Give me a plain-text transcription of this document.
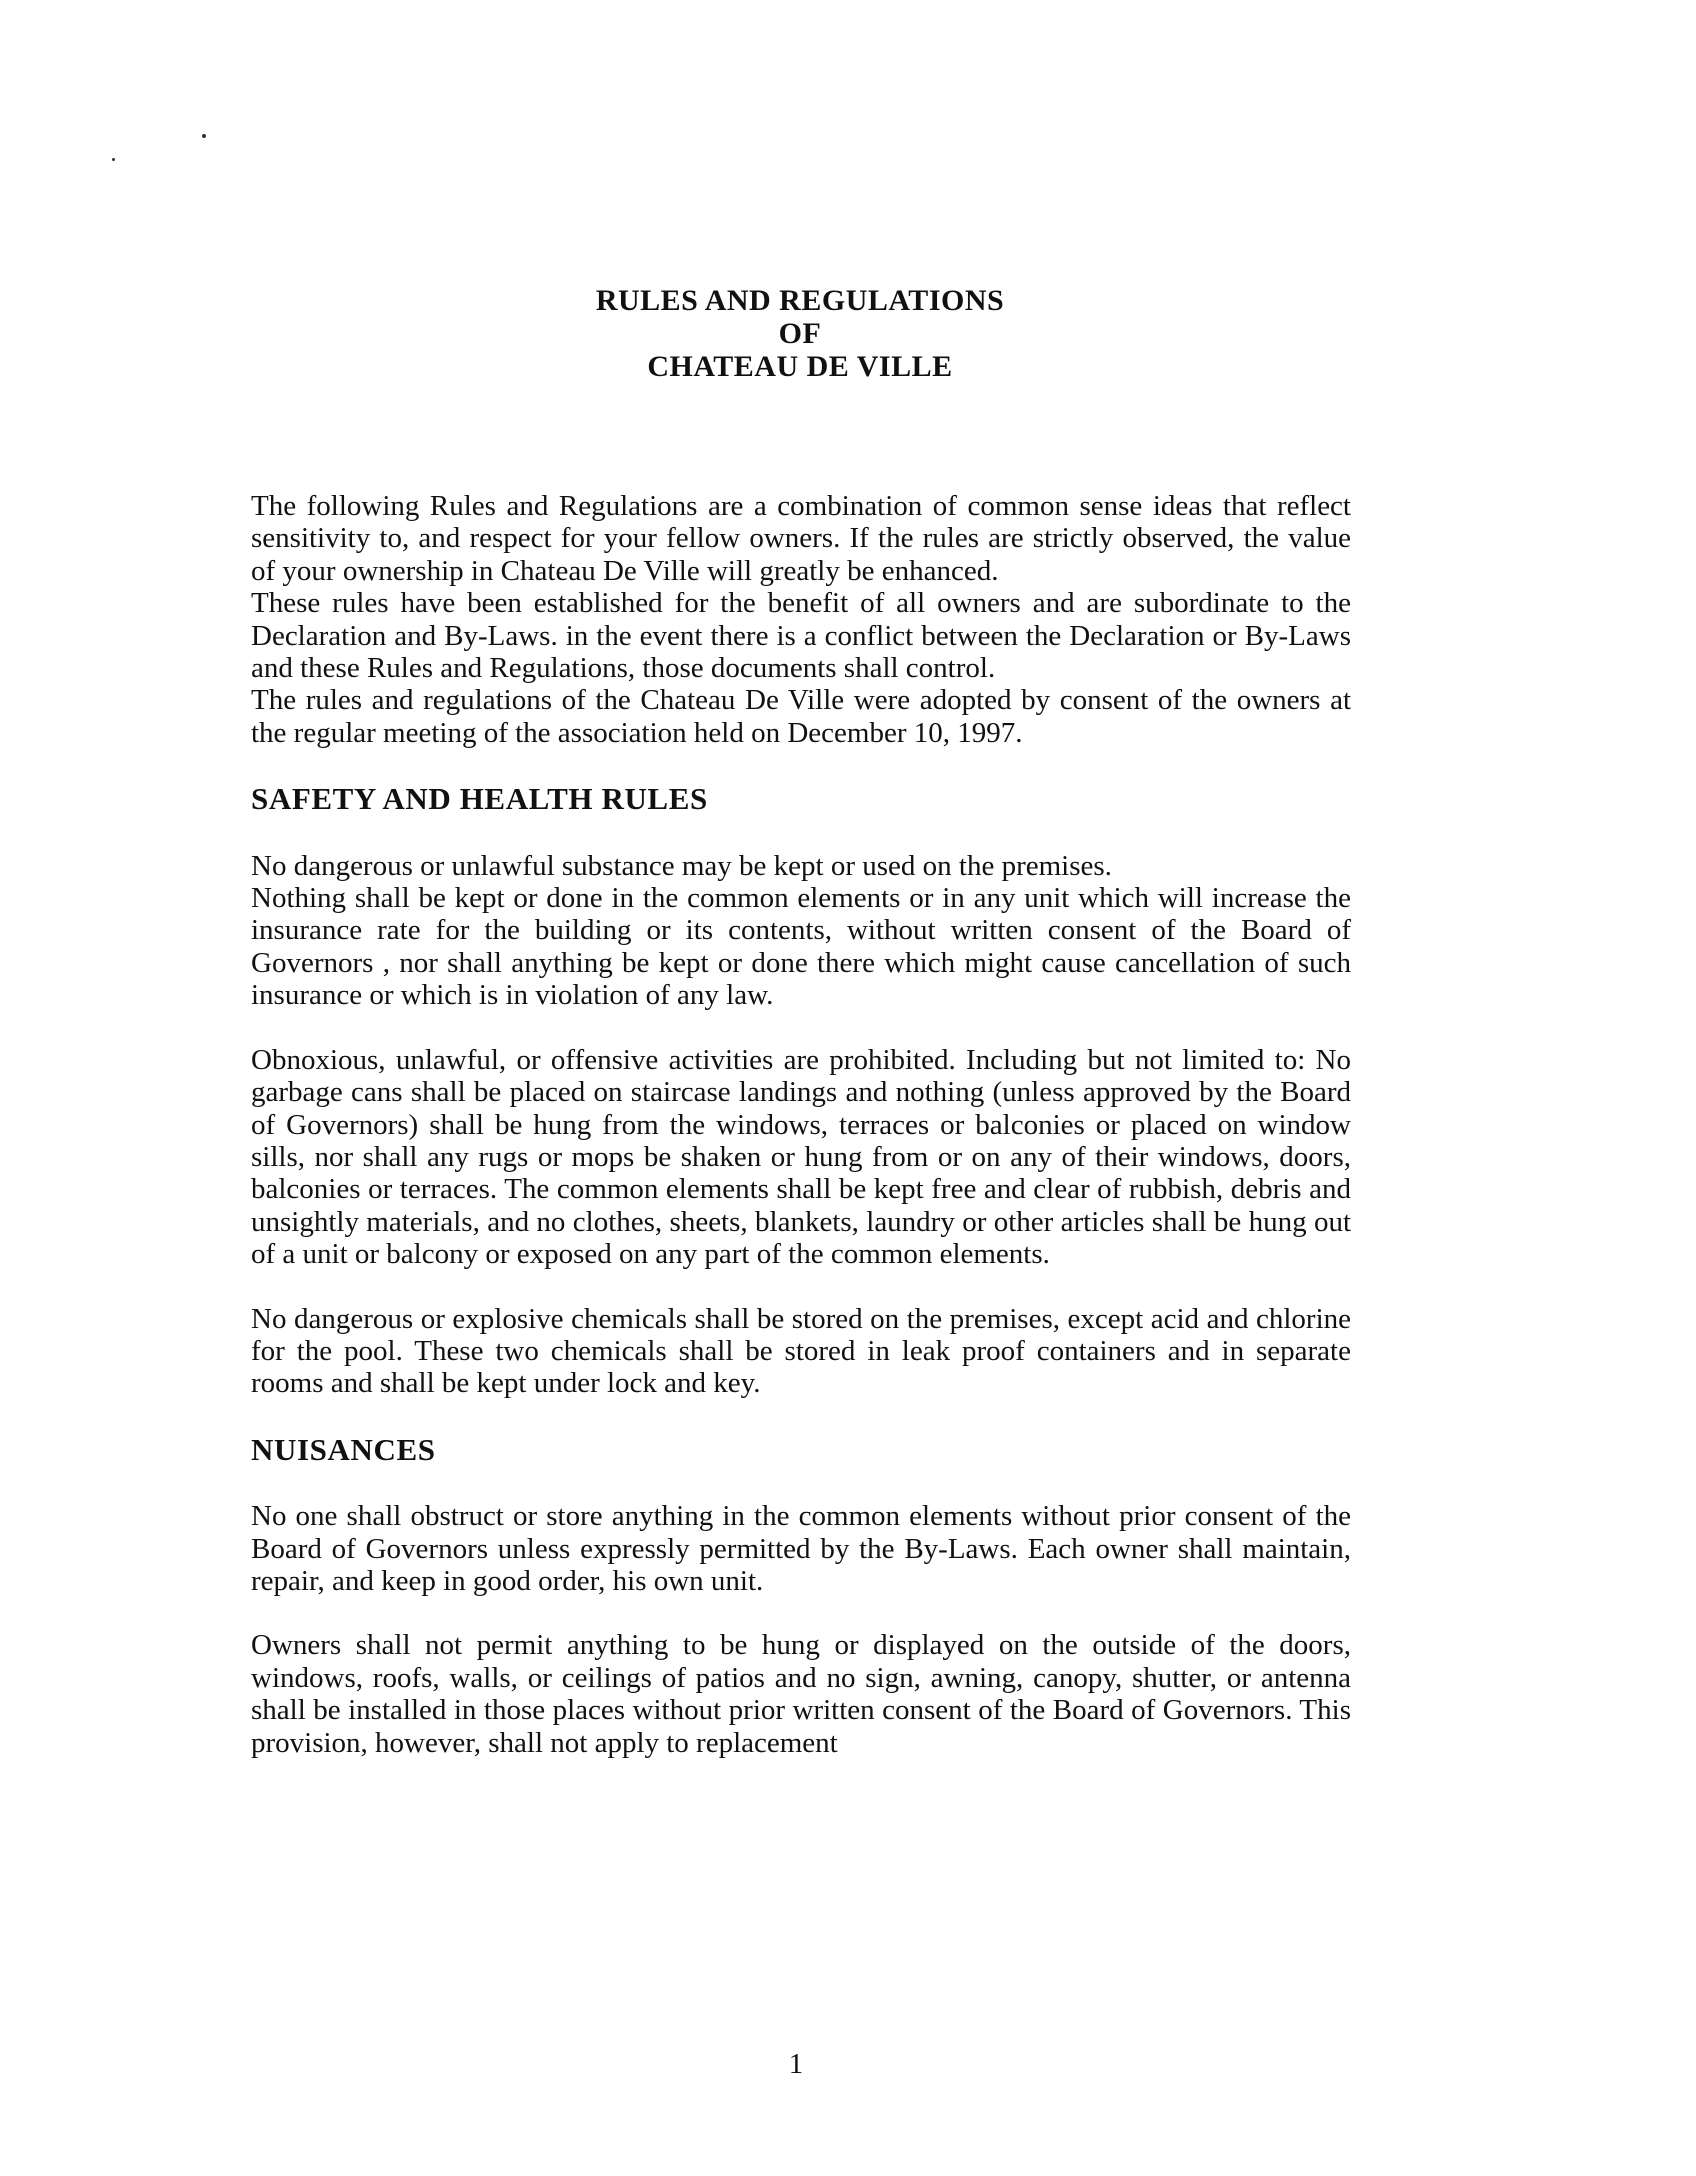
RULES AND REGULATIONS
OF
CHATEAU DE VILLE

The following Rules and Regulations are a combination of common sense ideas that reflect sensitivity to, and respect for your fellow owners. If the rules are strictly observed, the value of your ownership in Chateau De Ville will greatly be enhanced.

These rules have been established for the benefit of all owners and are subordinate to the Declaration and By-Laws. in the event there is a conflict between the Declaration or By-Laws and these Rules and Regulations, those documents shall control.

The rules and regulations of the Chateau De Ville were adopted by consent of the owners at the regular meeting of the association held on December 10, 1997.

SAFETY AND HEALTH RULES

No dangerous or unlawful substance may be kept or used on the premises.

Nothing shall be kept or done in the common elements or in any unit which will increase the insurance rate for the building or its contents, without written consent of the Board of Governors , nor shall anything be kept or done there which might cause cancellation of such insurance or which is in violation of any law.

Obnoxious, unlawful, or offensive activities are prohibited. Including but not limited to: No garbage cans shall be placed on staircase landings and nothing (unless approved by the Board of Governors) shall be hung from the windows, terraces or balconies or placed on window sills, nor shall any rugs or mops be shaken or hung from or on any of their windows, doors, balconies or terraces. The common elements shall be kept free and clear of rubbish, debris and unsightly materials, and no clothes, sheets, blankets, laundry or other articles shall be hung out of a unit or balcony or exposed on any part of the common elements.

No dangerous or explosive chemicals shall be stored on the premises, except acid and chlorine for the pool. These two chemicals shall be stored in leak proof containers and in separate rooms and shall be kept under lock and key.

NUISANCES

No one shall obstruct or store anything in the common elements without prior consent of the Board of Governors unless expressly permitted by the By-Laws. Each owner shall maintain, repair, and keep in good order, his own unit.

Owners shall not permit anything to be hung or displayed on the outside of the doors, windows, roofs, walls, or ceilings of patios and no sign, awning, canopy, shutter, or antenna shall be installed in those places without prior written consent of the Board of Governors. This provision, however, shall not apply to replacement

1
